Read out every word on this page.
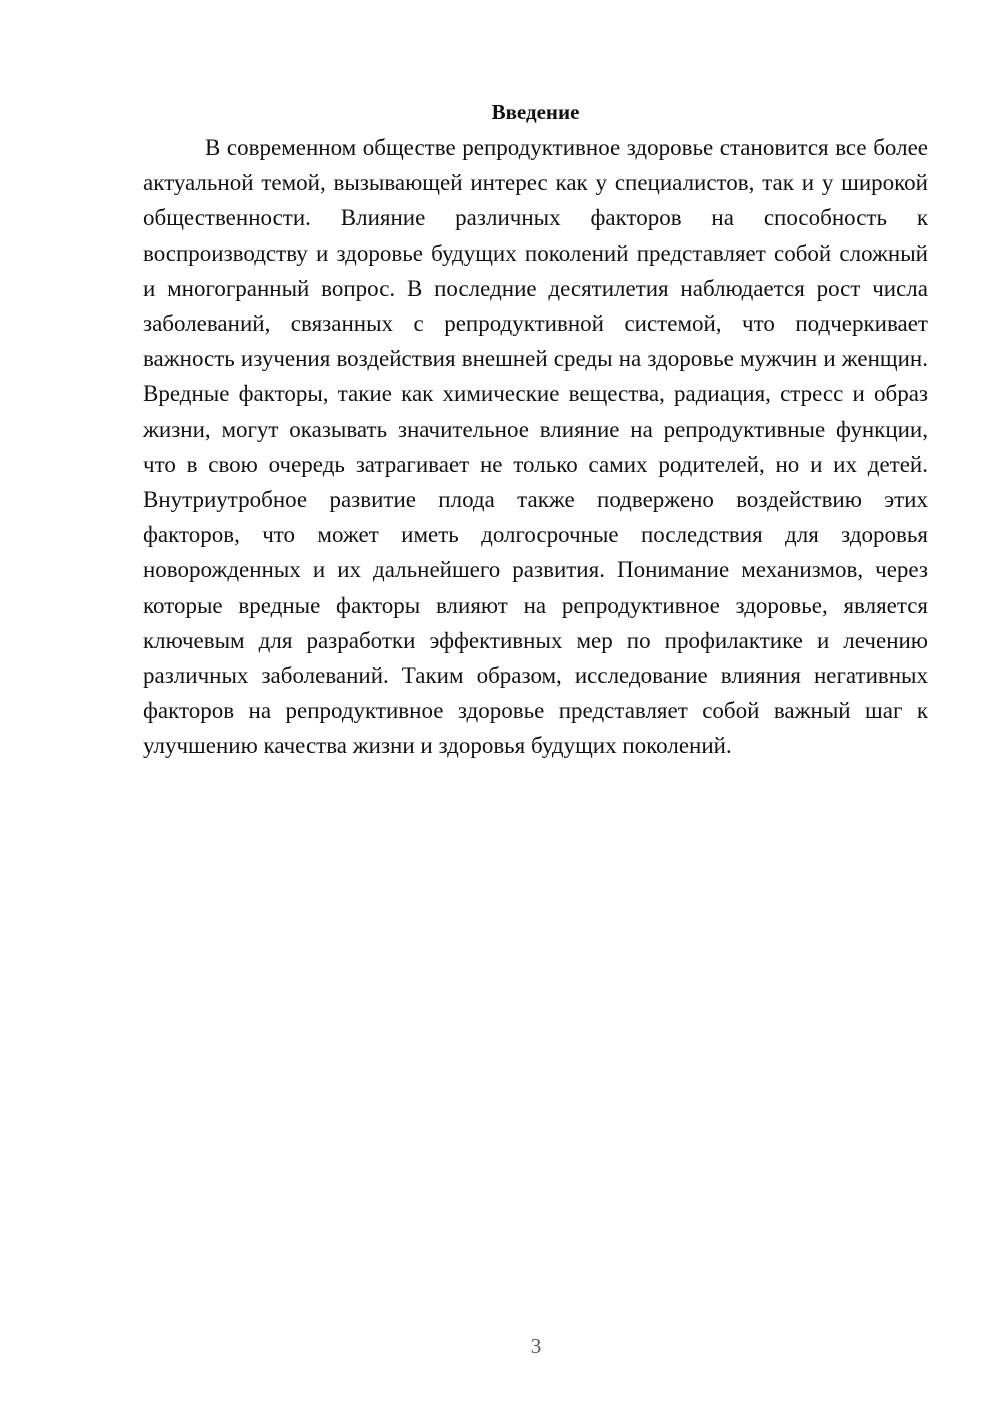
Введение

В современном обществе репродуктивное здоровье становится все более актуальной темой, вызывающей интерес как у специалистов, так и у широкой общественности. Влияние различных факторов на способность к воспроизводству и здоровье будущих поколений представляет собой сложный и многогранный вопрос. В последние десятилетия наблюдается рост числа заболеваний, связанных с репродуктивной системой, что подчеркивает важность изучения воздействия внешней среды на здоровье мужчин и женщин. Вредные факторы, такие как химические вещества, радиация, стресс и образ жизни, могут оказывать значительное влияние на репродуктивные функции, что в свою очередь затрагивает не только самих родителей, но и их детей. Внутриутробное развитие плода также подвержено воздействию этих факторов, что может иметь долгосрочные последствия для здоровья новорожденных и их дальнейшего развития. Понимание механизмов, через которые вредные факторы влияют на репродуктивное здоровье, является ключевым для разработки эффективных мер по профилактике и лечению различных заболеваний. Таким образом, исследование влияния негативных факторов на репродуктивное здоровье представляет собой важный шаг к улучшению качества жизни и здоровья будущих поколений.

3
